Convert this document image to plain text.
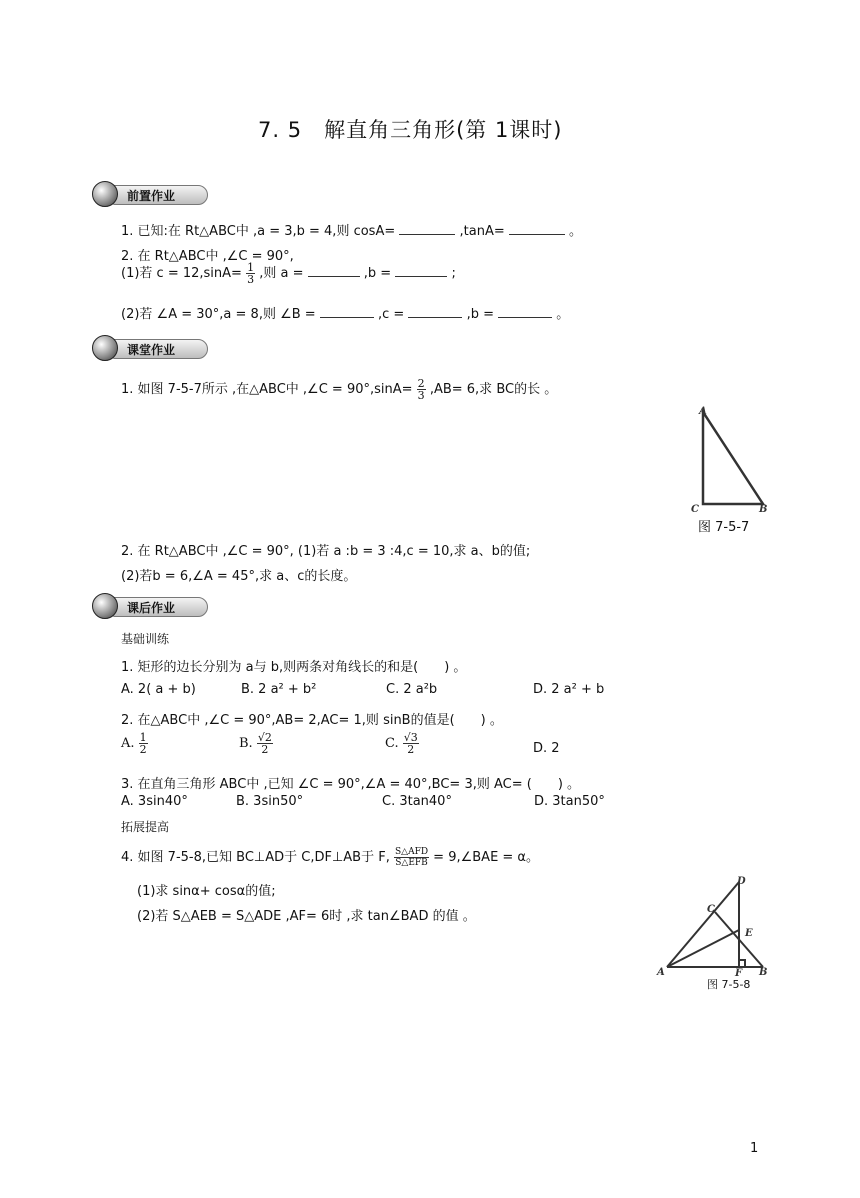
7. 5　解直角三角形(第 1课时)
前置作业
1. 已知:在 Rt△ABC中 ,a = 3,b = 4,则 cosA=	,tanA=	。
2. 在 Rt△ABC中 ,∠C = 90°,
(1)若 $c = 12,\sin A= \frac{1}{3}$ ,则 a =	,b =	;
(2)若 ∠A = 30°,a = 8,则 ∠B =	,c =	,b =	。
课堂作业
1. 如图 7-5-7所示 ,在△ABC中 ,∠C = $90^\circ,\sin A= \frac{2}{3} ,AB= 6$,求 BC的长 。
A
C	B
图 7-5-7
2. 在 Rt△ABC中 ,∠C = 90°, (1)若 a :b = 3 :4,c = 10,求 a、b的值;
(2)若b = 6,∠A = 45°,求 a、c的长度。
课后作业
基础训练
1. 矩形的边长分别为 a与 b,则两条对角线长的和是(　　) 。
A. 2( a + b)	B. 2 a² + b²	C. 2 a²b	D. 2 a² + b
2. 在△ABC中 ,∠C = 90°,AB= 2,AC= 1,则 sinB的值是(　　) 。
A. $\frac{1}{2}$	B. $\frac{√2}{2}$	C. $\frac{√3}{2}$	D. 2
3. 在直角三角形 ABC中 ,已知 ∠C = 90°,∠A = 40°,BC= 3,则 AC= (　　) 。
A. 3sin40°	B. 3sin50°	C. 3tan40°	D. 3tan50°
拓展提高
4. 如图 7-5-8,已知 BC⊥AD于 C,DF⊥AB于 F, $\frac{\text{S△AFD}}{\text{S△EFB}}$ = 9,∠BAE = α。
(1)求 sinα+ cosα的值;
(2)若 S△AEB = S△ADE ,AF= 6时 ,求 tan∠BAD 的值 。
A	B
C
D
E
F
图 7-5-8
1
